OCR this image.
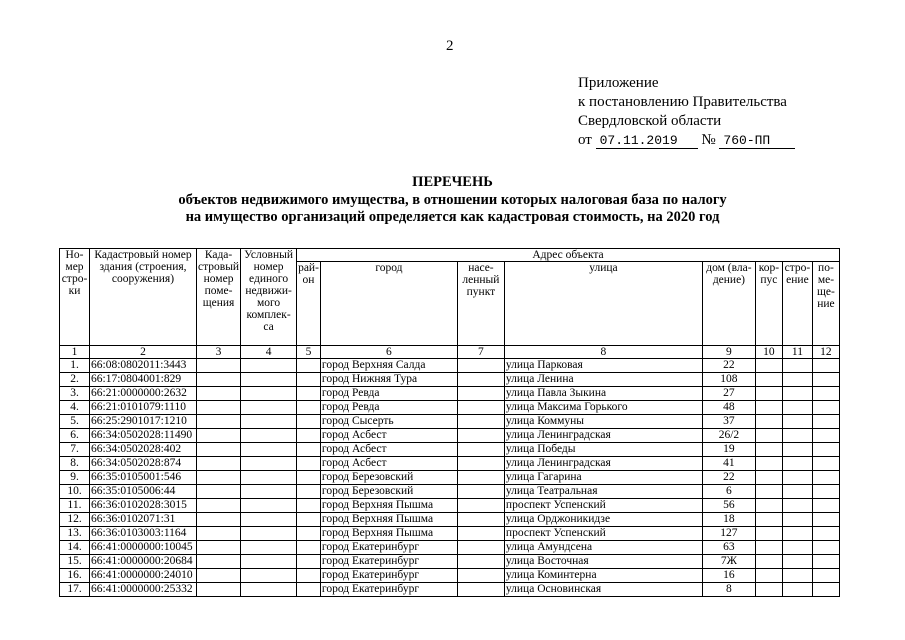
2
Приложение
к постановлению Правительства
Свердловской области
от 07.11.2019 № 760-ПП
ПЕРЕЧЕНЬ
объектов недвижимого имущества, в отношении которых налоговая база по налогу
на имущество организаций определяется как кадастровая стоимость, на 2020 год
Но-мер стро-ки	Кадастровый номер здания (строения, сооружения)	Када-стровый номер поме-щения	Условный номер единого недвижи-мого комплек-са	Адрес объекта							
				рай-он	город	насе-ленный пункт	улица	дом (вла-дение)	кор-пус	стро-ение	по-ме-ще-ние
1	2	3	4	5	6	7	8	9	10	11	12
1.	66:08:0802011:3443				город Верхняя Салда		улица Парковая	22			
2.	66:17:0804001:829				город Нижняя Тура		улица Ленина	108			
3.	66:21:0000000:2632				город Ревда		улица Павла Зыкина	27			
4.	66:21:0101079:1110				город Ревда		улица Максима Горького	48			
5.	66:25:2901017:1210				город Сысерть		улица Коммуны	37			
6.	66:34:0502028:11490				город Асбест		улица Ленинградская	26/2			
7.	66:34:0502028:402				город Асбест		улица Победы	19			
8.	66:34:0502028:874				город Асбест		улица Ленинградская	41			
9.	66:35:0105001:546				город Березовский		улица Гагарина	22			
10.	66:35:0105006:44				город Березовский		улица Театральная	6			
11.	66:36:0102028:3015				город Верхняя Пышма		проспект Успенский	56			
12.	66:36:0102071:31				город Верхняя Пышма		улица Орджоникидзе	18			
13.	66:36:0103003:1164				город Верхняя Пышма		проспект Успенский	127			
14.	66:41:0000000:10045				город Екатеринбург		улица Амундсена	63			
15.	66:41:0000000:20684				город Екатеринбург		улица Восточная	7Ж			
16.	66:41:0000000:24010				город Екатеринбург		улица Коминтерна	16			
17.	66:41:0000000:25332				город Екатеринбург		улица Основинская	8			
